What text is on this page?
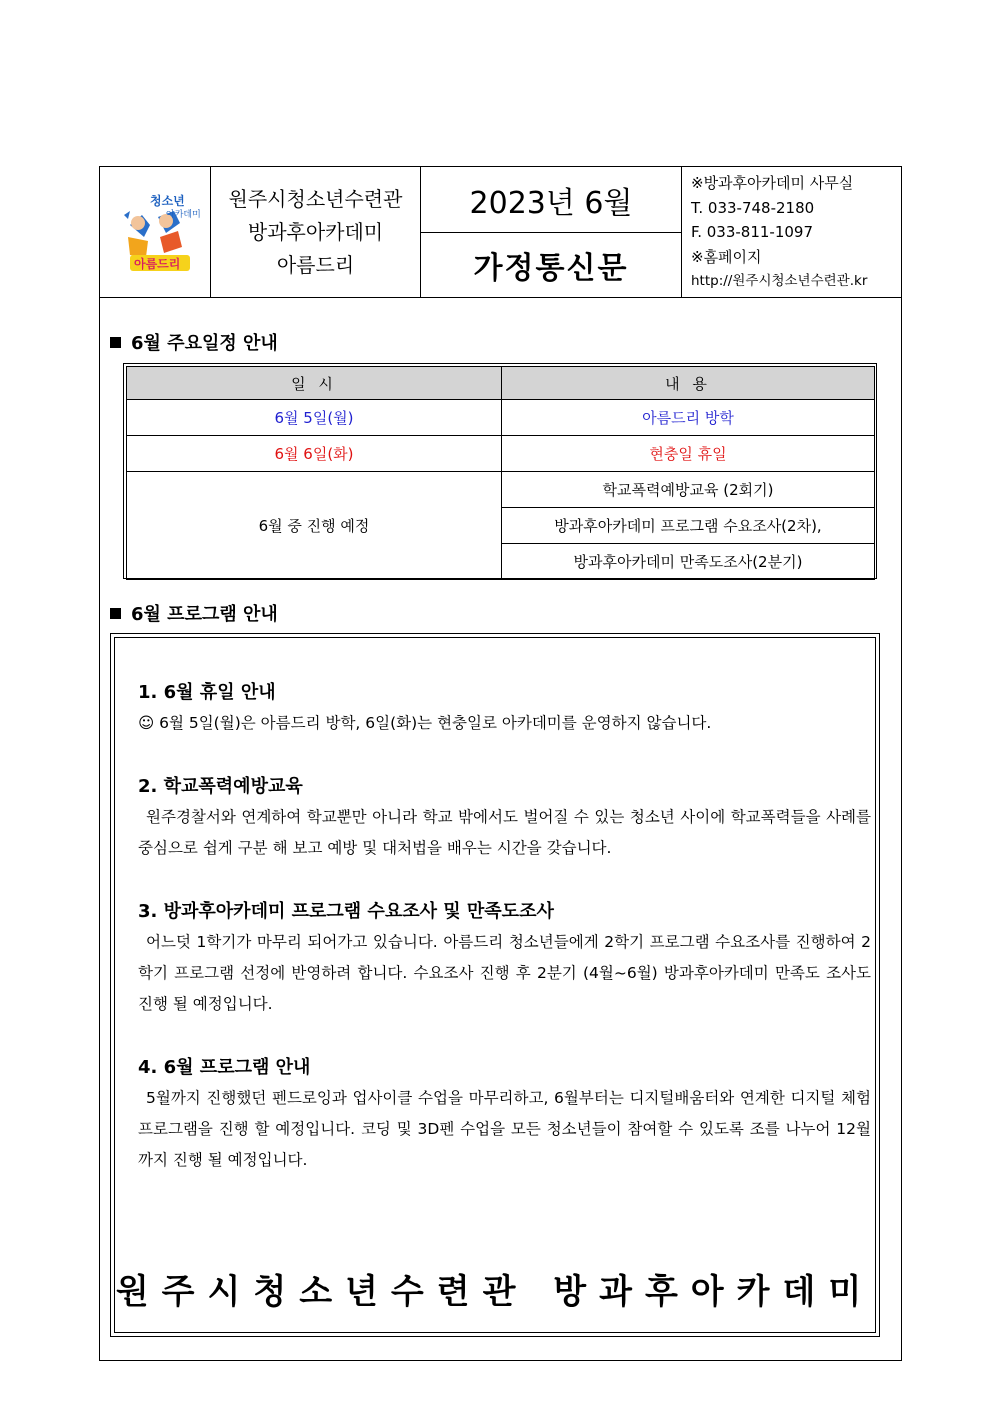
청소년
아카데미
아름드리
원주시청소년수련관
방과후아카데미
아름드리
2023년 6월
가정통신문
※방과후아카데미 사무실
T. 033-748-2180
F. 033-811-1097
※홈페이지
http://원주시청소년수련관.kr
6월 주요일정 안내
일 시	내 용
6월 5일(월)	아름드리 방학
6월 6일(화)	현충일 휴일
6월 중 진행 예정	학교폭력예방교육 (2회기)
	방과후아카데미 프로그램 수요조사(2차),
	방과후아카데미 만족도조사(2분기)
6월 프로그램 안내
1. 6월 휴일 안내

☺ 6월 5일(월)은 아름드리 방학, 6일(화)는 현충일로 아카데미를 운영하지 않습니다.

2. 학교폭력예방교육

원주경찰서와 연계하여 학교뿐만 아니라 학교 밖에서도 벌어질 수 있는 청소년 사이에 학교폭력들을 사례를 중심으로 쉽게 구분 해 보고 예방 및 대처법을 배우는 시간을 갖습니다.

3. 방과후아카데미 프로그램 수요조사 및 만족도조사

어느덧 1학기가 마무리 되어가고 있습니다. 아름드리 청소년들에게 2학기 프로그램 수요조사를 진행하여 2학기 프로그램 선정에 반영하려 합니다. 수요조사 진행 후 2분기 (4월~6월) 방과후아카데미 만족도 조사도 진행 될 예정입니다.

4. 6월 프로그램 안내

5월까지 진행했던 펜드로잉과 업사이클 수업을 마무리하고, 6월부터는 디지털배움터와 연계한 디지털 체험 프로그램을 진행 할 예정입니다. 코딩 및 3D펜 수업을 모든 청소년들이 참여할 수 있도록 조를 나누어 12월까지 진행 될 예정입니다.

원주시청소년수련관 방과후아카데미
